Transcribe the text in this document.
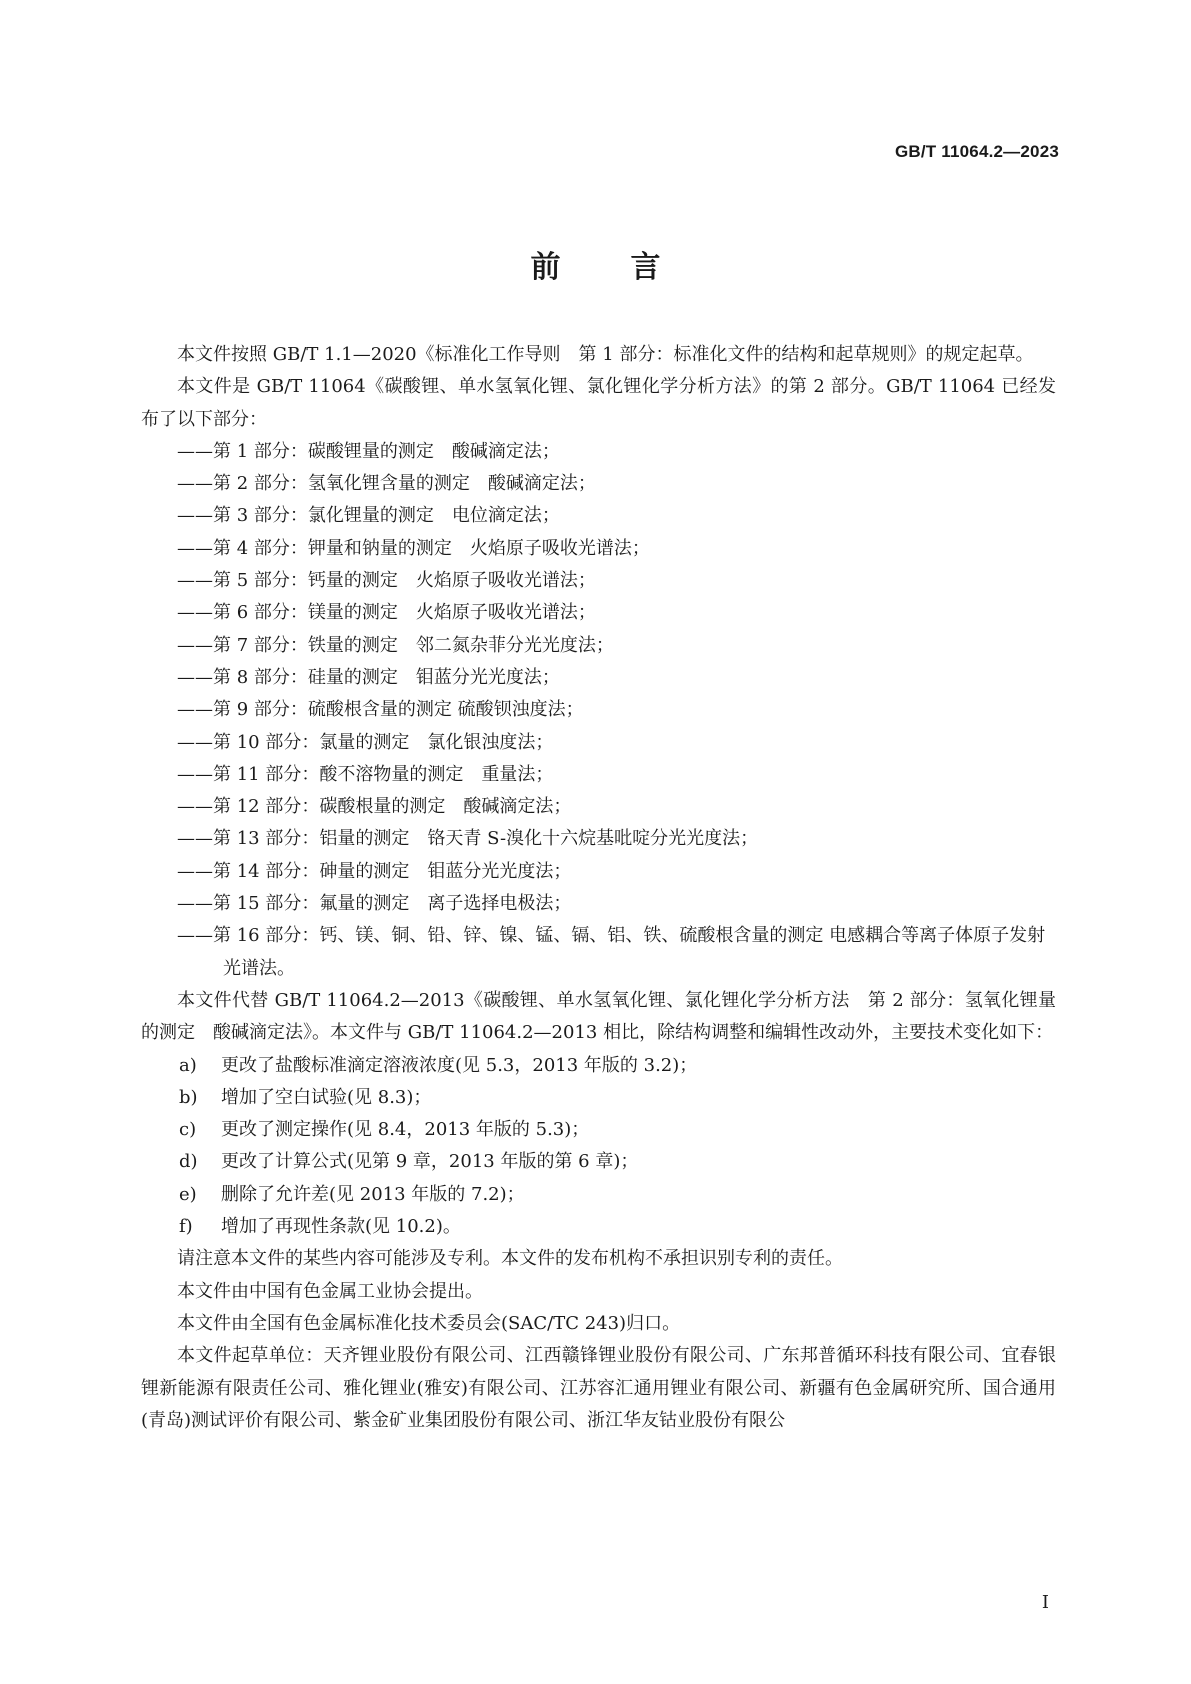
GB/T 11064.2—2023
前 言

本文件按照 GB/T 1.1—2020《标准化工作导则　第 1 部分：标准化文件的结构和起草规则》的规定起草。

本文件是 GB/T 11064《碳酸锂、单水氢氧化锂、氯化锂化学分析方法》的第 2 部分。GB/T 11064 已经发布了以下部分：

——第 1 部分：碳酸锂量的测定　酸碱滴定法；

——第 2 部分：氢氧化锂含量的测定　酸碱滴定法；

——第 3 部分：氯化锂量的测定　电位滴定法；

——第 4 部分：钾量和钠量的测定　火焰原子吸收光谱法；

——第 5 部分：钙量的测定　火焰原子吸收光谱法；

——第 6 部分：镁量的测定　火焰原子吸收光谱法；

——第 7 部分：铁量的测定　邻二氮杂菲分光光度法；

——第 8 部分：硅量的测定　钼蓝分光光度法；

——第 9 部分：硫酸根含量的测定 硫酸钡浊度法；

——第 10 部分：氯量的测定　氯化银浊度法；

——第 11 部分：酸不溶物量的测定　重量法；

——第 12 部分：碳酸根量的测定　酸碱滴定法；

——第 13 部分：铝量的测定　铬天青 S-溴化十六烷基吡啶分光光度法；

——第 14 部分：砷量的测定　钼蓝分光光度法；

——第 15 部分：氟量的测定　离子选择电极法；

——第 16 部分：钙、镁、铜、铅、锌、镍、锰、镉、铝、铁、硫酸根含量的测定 电感耦合等离子体原子发射光谱法。

本文件代替 GB/T 11064.2—2013《碳酸锂、单水氢氧化锂、氯化锂化学分析方法　第 2 部分：氢氧化锂量的测定　酸碱滴定法》。本文件与 GB/T 11064.2—2013 相比，除结构调整和编辑性改动外，主要技术变化如下：

a) 更改了盐酸标准滴定溶液浓度(见 5.3，2013 年版的 3.2)；

b) 增加了空白试验(见 8.3)；

c) 更改了测定操作(见 8.4，2013 年版的 5.3)；

d) 更改了计算公式(见第 9 章，2013 年版的第 6 章)；

e) 删除了允许差(见 2013 年版的 7.2)；

f) 增加了再现性条款(见 10.2)。

请注意本文件的某些内容可能涉及专利。本文件的发布机构不承担识别专利的责任。

本文件由中国有色金属工业协会提出。

本文件由全国有色金属标准化技术委员会(SAC/TC 243)归口。

本文件起草单位：天齐锂业股份有限公司、江西赣锋锂业股份有限公司、广东邦普循环科技有限公司、宜春银锂新能源有限责任公司、雅化锂业(雅安)有限公司、江苏容汇通用锂业有限公司、新疆有色金属研究所、国合通用(青岛)测试评价有限公司、紫金矿业集团股份有限公司、浙江华友钴业股份有限公

I
